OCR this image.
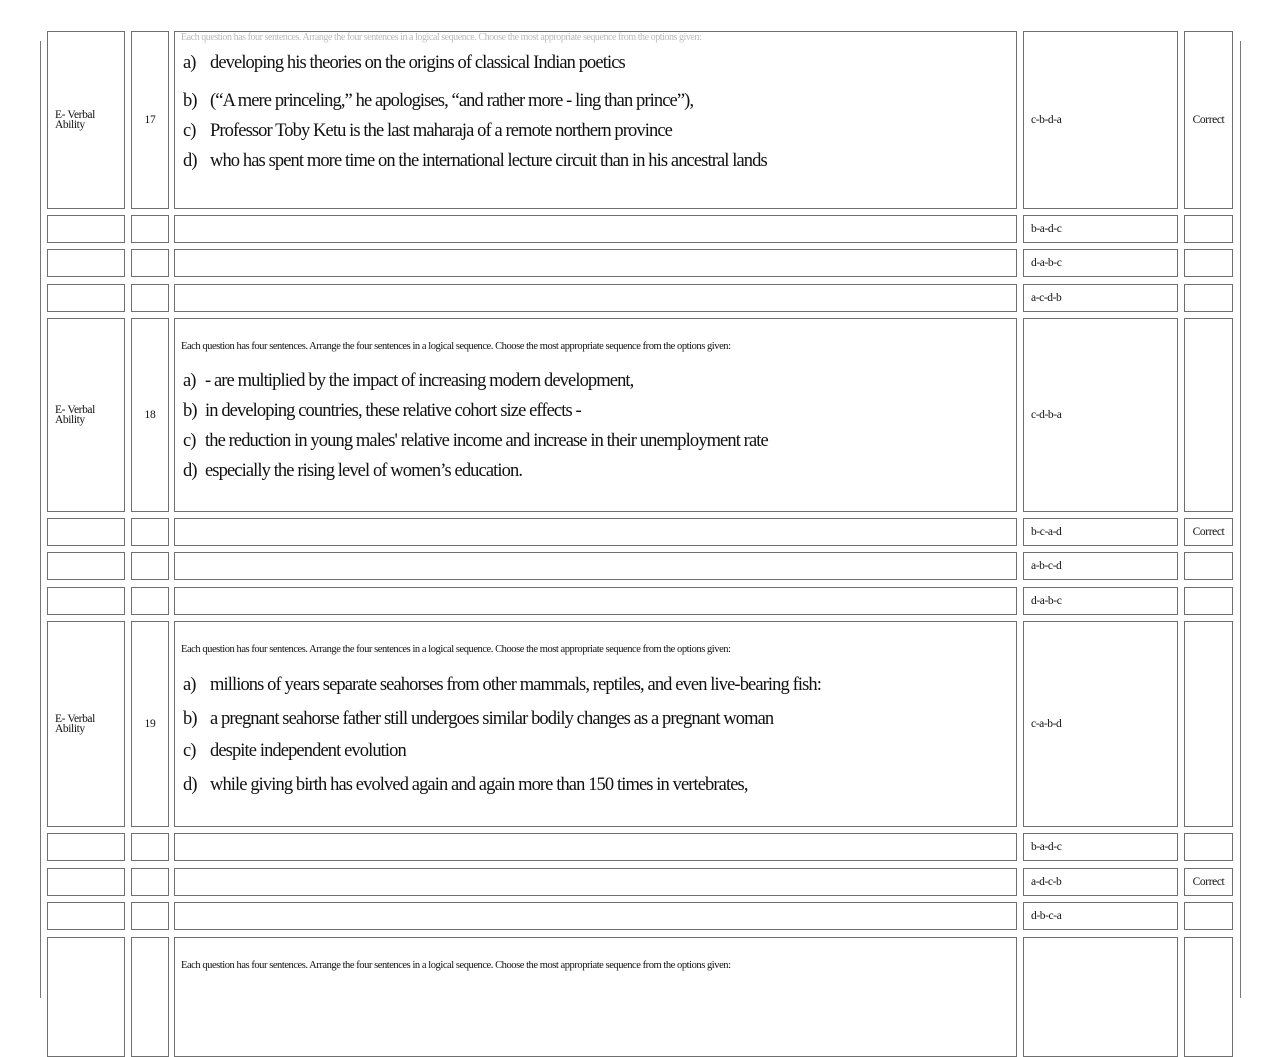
E- Verbal Ability	17
Each question has four sentences. Arrange the four sentences in a logical sequence. Choose the most appropriate sequence from the options given:
a) developing his theories on the origins of classical Indian poetics
b) (“A mere princeling,” he apologises, “and rather more - ling than prince”),
c) Professor Toby Ketu is the last maharaja of a remote northern province
d) who has spent more time on the international lecture circuit than in his ancestral lands
c-b-d-a	Correct
b-a-d-c
d-a-b-c
a-c-d-b
E- Verbal Ability	18
Each question has four sentences. Arrange the four sentences in a logical sequence. Choose the most appropriate sequence from the options given:
a) - are multiplied by the impact of increasing modern development,
b) in developing countries, these relative cohort size effects -
c) the reduction in young males' relative income and increase in their unemployment rate
d) especially the rising level of women’s education.
c-d-b-a
b-c-a-d	Correct
a-b-c-d
d-a-b-c
E- Verbal Ability	19
Each question has four sentences. Arrange the four sentences in a logical sequence. Choose the most appropriate sequence from the options given:
a) millions of years separate seahorses from other mammals, reptiles, and even live-bearing fish:
b) a pregnant seahorse father still undergoes similar bodily changes as a pregnant woman
c) despite independent evolution
d) while giving birth has evolved again and again more than 150 times in vertebrates,
c-a-b-d
b-a-d-c
a-d-c-b	Correct
d-b-c-a
Each question has four sentences. Arrange the four sentences in a logical sequence. Choose the most appropriate sequence from the options given:
